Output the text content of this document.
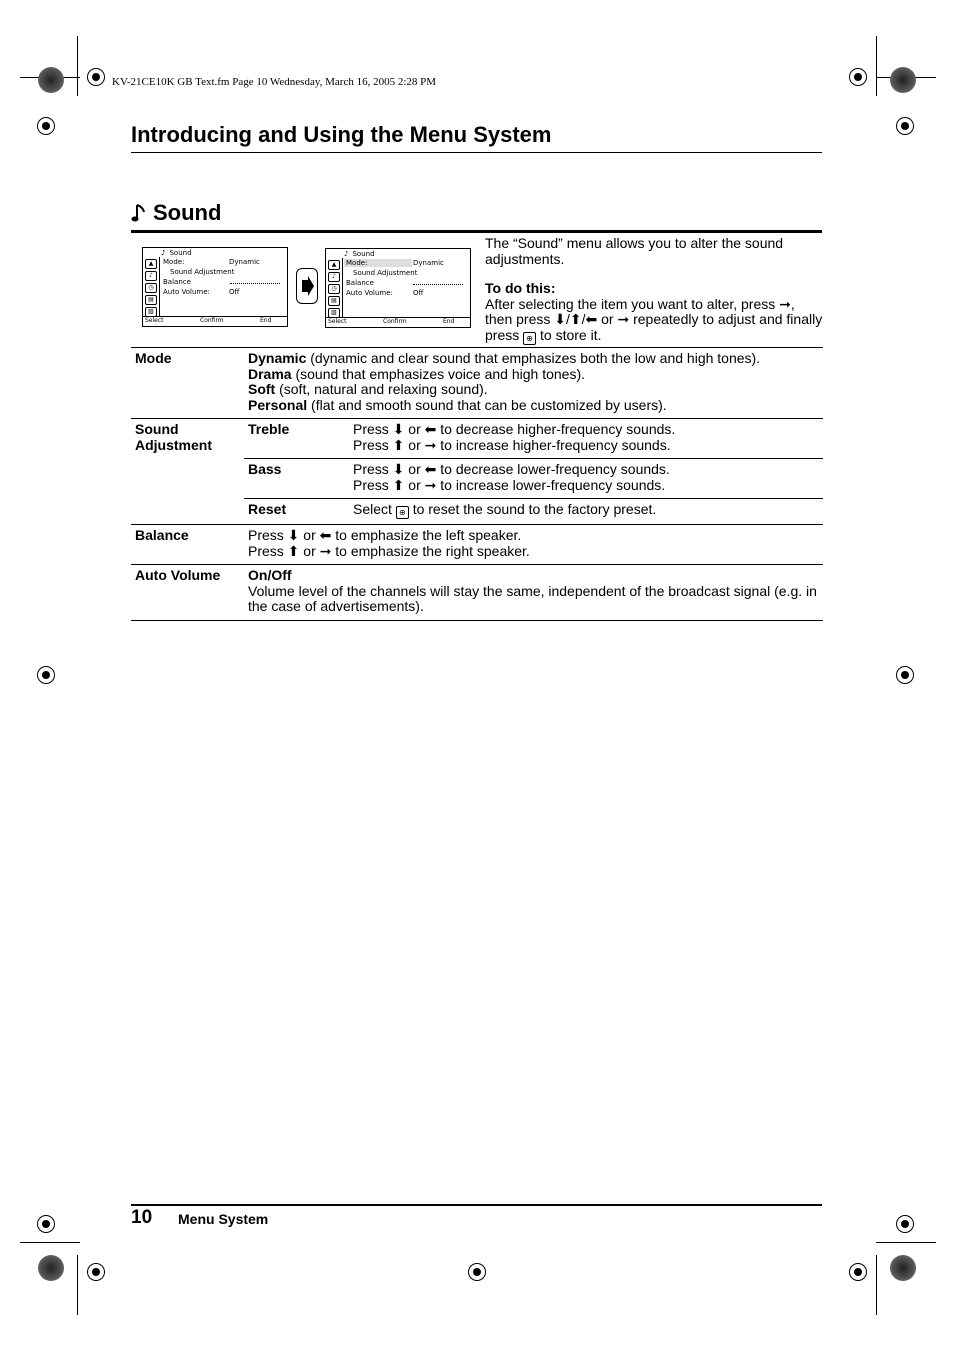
KV-21CE10K GB Text.fm Page 10 Wednesday, March 16, 2005 2:28 PM
Introducing and Using the Menu System
Sound
♪ Sound
▲
♪
◷
▤
▧
Mode:	Dynamic
Sound Adjustment
Balance
Auto Volume:	Off
Select	Confirm	End
♪ Sound
▲
♪
◷
▤
▧
Mode:	Dynamic
Sound Adjustment
Balance
Auto Volume:	Off
Select	Confirm	End

The “Sound” menu allows you to alter the sound adjustments.

To do this:
After selecting the item you want to alter, press ➞,
then press ⬇/⬆/⬅ or ➞ repeatedly to adjust and finally
press ⊕ to store it.

Mode	Dynamic (dynamic and clear sound that emphasizes both the low and high tones).
Drama (sound that emphasizes voice and high tones).
Soft (soft, natural and relaxing sound).
Personal (flat and smooth sound that can be customized by users).	

Sound Adjustment	Treble	Press ⬇ or ⬅ to decrease higher-frequency sounds.
Press ⬆ or ➞ to increase higher-frequency sounds.

	Bass	Press ⬇ or ⬅ to decrease lower-frequency sounds.
Press ⬆ or ➞ to increase lower-frequency sounds.

	Reset	Select ⊕ to reset the sound to the factory preset.
Balance	Press ⬇ or ⬅ to emphasize the left speaker.
Press ⬆ or ➞ to emphasize the right speaker.	

Auto Volume	On/Off
Volume level of the channels will stay the same, independent of the broadcast signal (e.g. in the case of advertisements).	
10 Menu System
